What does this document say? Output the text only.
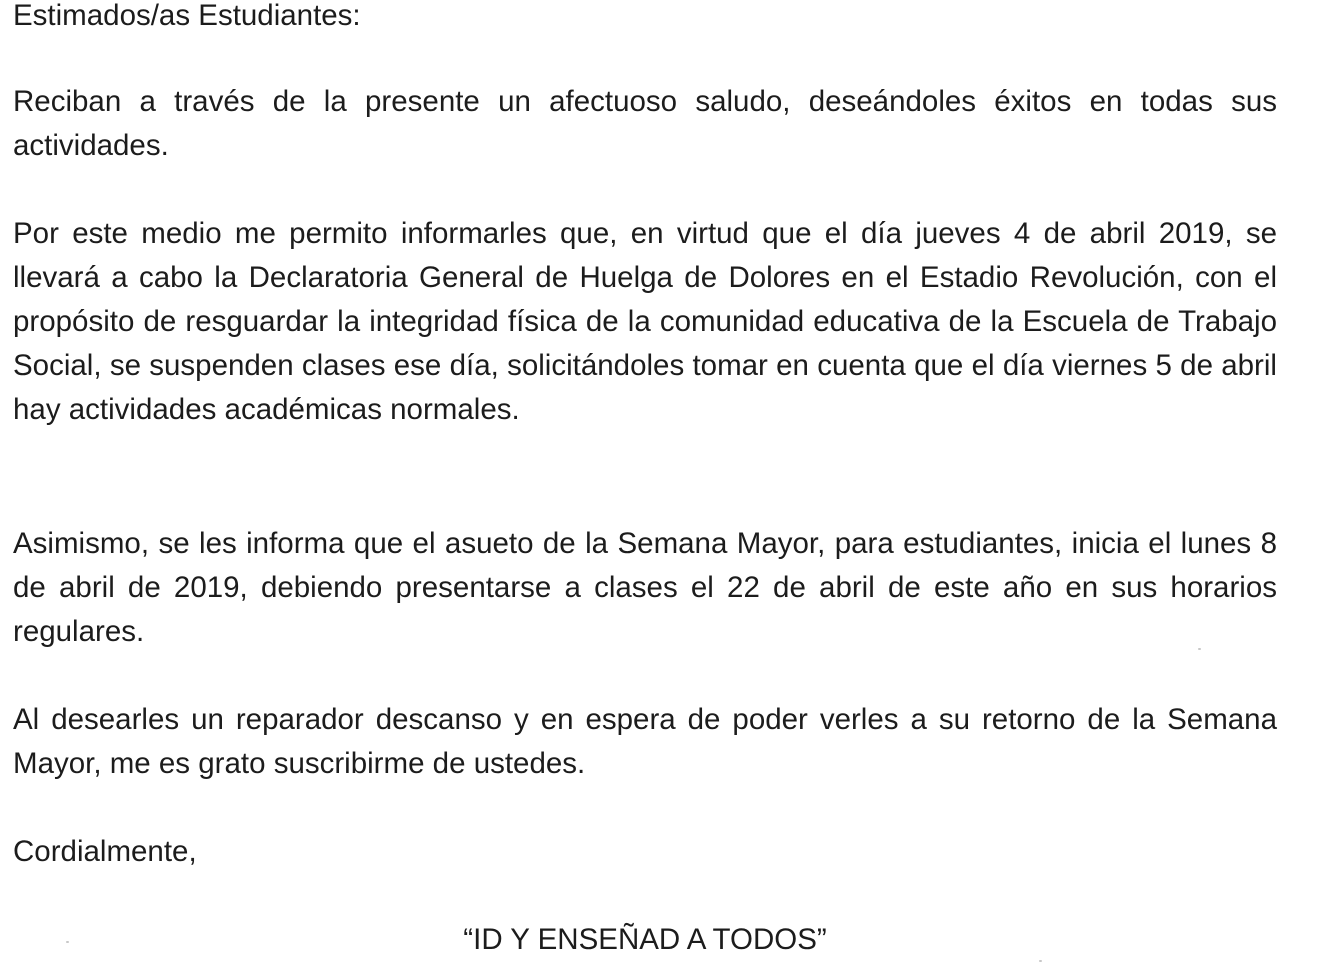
Estimados/as Estudiantes:

Reciban a través de la presente un afectuoso saludo, deseándoles éxitos en todas sus actividades.

Por este medio me permito informarles que, en virtud que el día jueves 4 de abril 2019, se llevará a cabo la Declaratoria General de Huelga de Dolores en el Estadio Revolución, con el propósito de resguardar la integridad física de la comunidad educativa de la Escuela de Trabajo Social, se suspenden clases ese día, solicitándoles tomar en cuenta que el día viernes 5 de abril hay actividades académicas normales.

Asimismo, se les informa que el asueto de la Semana Mayor, para estudiantes, inicia el lunes 8 de abril de 2019, debiendo presentarse a clases el 22 de abril de este año en sus horarios regulares.

Al desearles un reparador descanso y en espera de poder verles a su retorno de la Semana Mayor, me es grato suscribirme de ustedes.

Cordialmente,
“ID Y ENSEÑAD A TODOS”
